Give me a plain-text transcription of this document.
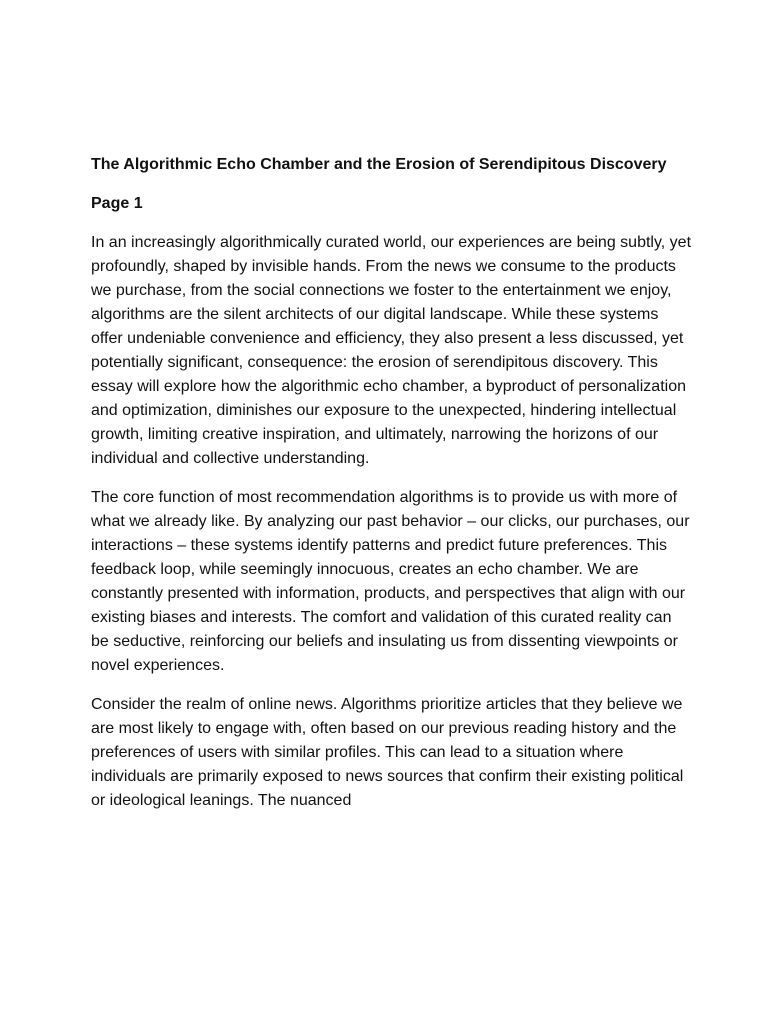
The Algorithmic Echo Chamber and the Erosion of Serendipitous Discovery

Page 1

In an increasingly algorithmically curated world, our experiences are being subtly, yet profoundly, shaped by invisible hands. From the news we consume to the products we purchase, from the social connections we foster to the entertainment we enjoy, algorithms are the silent architects of our digital landscape. While these systems offer undeniable convenience and efficiency, they also present a less discussed, yet potentially significant, consequence: the erosion of serendipitous discovery. This essay will explore how the algorithmic echo chamber, a byproduct of personalization and optimization, diminishes our exposure to the unexpected, hindering intellectual growth, limiting creative inspiration, and ultimately, narrowing the horizons of our individual and collective understanding.

The core function of most recommendation algorithms is to provide us with more of what we already like. By analyzing our past behavior – our clicks, our purchases, our interactions – these systems identify patterns and predict future preferences. This feedback loop, while seemingly innocuous, creates an echo chamber. We are constantly presented with information, products, and perspectives that align with our existing biases and interests. The comfort and validation of this curated reality can be seductive, reinforcing our beliefs and insulating us from dissenting viewpoints or novel experiences.

Consider the realm of online news. Algorithms prioritize articles that they believe we are most likely to engage with, often based on our previous reading history and the preferences of users with similar profiles. This can lead to a situation where individuals are primarily exposed to news sources that confirm their existing political or ideological leanings. The nuanced
